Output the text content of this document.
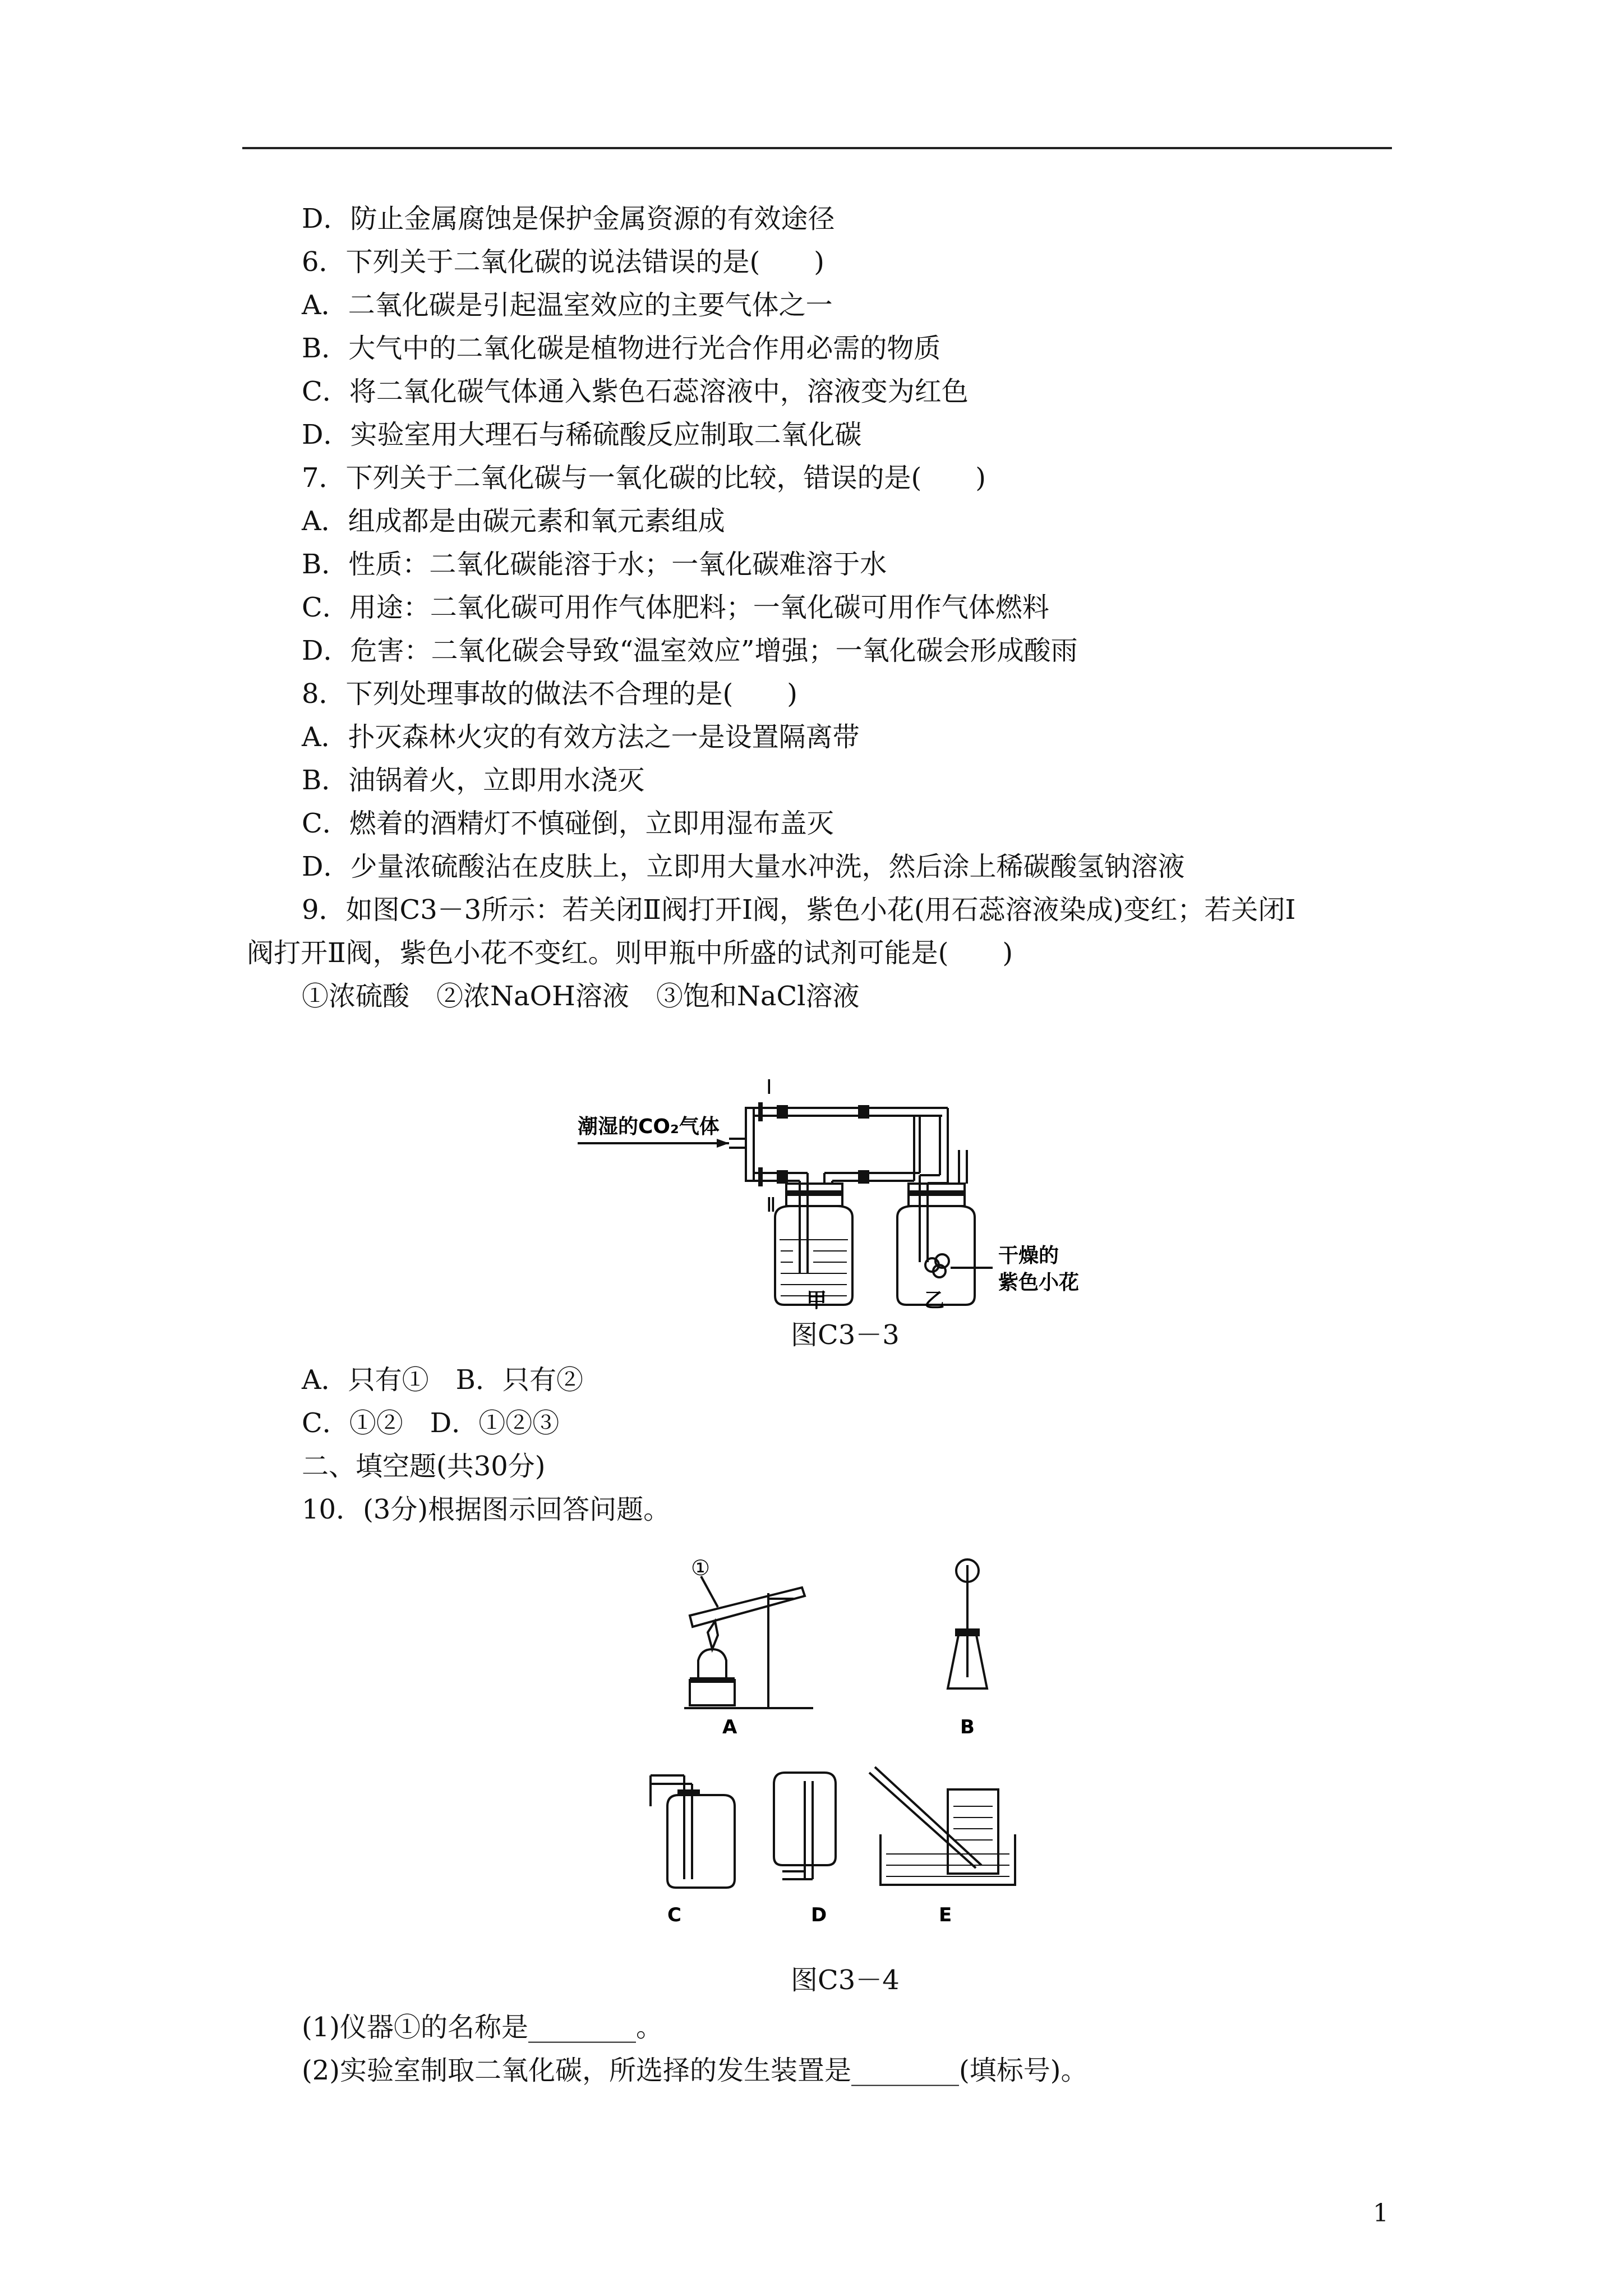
D．防止金属腐蚀是保护金属资源的有效途径
6．下列关于二氧化碳的说法错误的是(　　)
A．二氧化碳是引起温室效应的主要气体之一
B．大气中的二氧化碳是植物进行光合作用必需的物质
C．将二氧化碳气体通入紫色石蕊溶液中，溶液变为红色
D．实验室用大理石与稀硫酸反应制取二氧化碳
7．下列关于二氧化碳与一氧化碳的比较，错误的是(　　)
A．组成都是由碳元素和氧元素组成
B．性质：二氧化碳能溶于水；一氧化碳难溶于水
C．用途：二氧化碳可用作气体肥料；一氧化碳可用作气体燃料
D．危害：二氧化碳会导致“温室效应”增强；一氧化碳会形成酸雨
8．下列处理事故的做法不合理的是(　　)
A．扑灭森林火灾的有效方法之一是设置隔离带
B．油锅着火，立即用水浇灭
C．燃着的酒精灯不慎碰倒，立即用湿布盖灭
D．少量浓硫酸沾在皮肤上，立即用大量水冲洗，然后涂上稀碳酸氢钠溶液
9．如图C3－3所示：若关闭Ⅱ阀打开Ⅰ阀，紫色小花(用石蕊溶液染成)变红；若关闭Ⅰ
阀打开Ⅱ阀，紫色小花不变红。则甲瓶中所盛的试剂可能是(　　)
①浓硫酸　②浓NaOH溶液　③饱和NaCl溶液
潮湿的CO₂气体
Ⅰ
Ⅱ
甲	乙
干燥的
紫色小花
图C3－3
A．只有①　B．只有②
C．①②　D．①②③
二、填空题(共30分)
10．(3分)根据图示回答问题。
①
A	B
C	D	E
图C3－4
(1)仪器①的名称是________。
(2)实验室制取二氧化碳，所选择的发生装置是________(填标号)。
1
